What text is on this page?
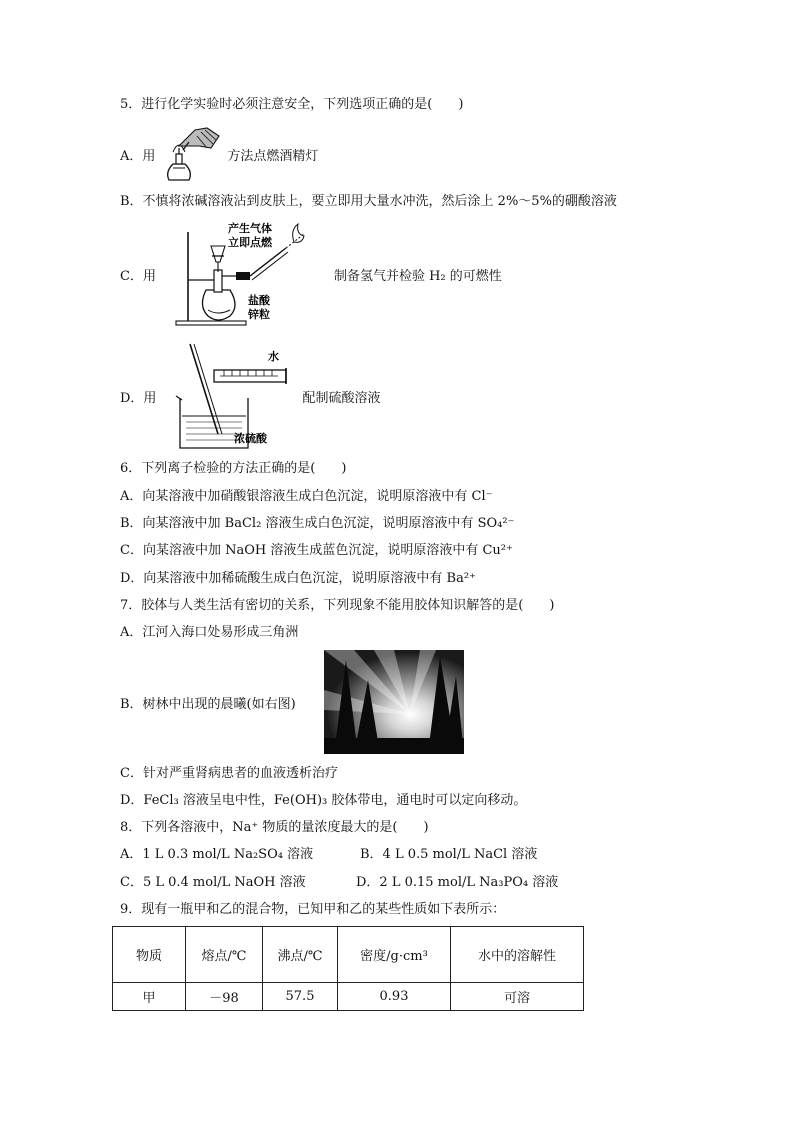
5．进行化学实验时必须注意安全，下列选项正确的是(　　)
A．用	方法点燃酒精灯
B．不慎将浓碱溶液沾到皮肤上，要立即用大量水冲洗，然后涂上 2%～5%的硼酸溶液
C．用
产生气体
立即点燃
盐酸
锌粒
制备氢气并检验 H₂ 的可燃性
D．用
水
浓硫酸
配制硫酸溶液
6．下列离子检验的方法正确的是(　　)
A．向某溶液中加硝酸银溶液生成白色沉淀，说明原溶液中有 Cl⁻
B．向某溶液中加 BaCl₂ 溶液生成白色沉淀，说明原溶液中有 SO₄²⁻
C．向某溶液中加 NaOH 溶液生成蓝色沉淀，说明原溶液中有 Cu²⁺
D．向某溶液中加稀硫酸生成白色沉淀，说明原溶液中有 Ba²⁺
7．胶体与人类生活有密切的关系，下列现象不能用胶体知识解答的是(　　)
A．江河入海口处易形成三角洲
B．树林中出现的晨曦(如右图)
C．针对严重肾病患者的血液透析治疗
D．FeCl₃ 溶液呈电中性，Fe(OH)₃ 胶体带电，通电时可以定向移动。
8．下列各溶液中，Na⁺ 物质的量浓度最大的是(　　)
A．1 L 0.3 mol/L Na₂SO₄ 溶液	B．4 L 0.5 mol/L NaCl 溶液
C．5 L 0.4 mol/L NaOH 溶液	D．2 L 0.15 mol/L Na₃PO₄ 溶液
9．现有一瓶甲和乙的混合物，已知甲和乙的某些性质如下表所示：
物质	熔点/℃	沸点/℃	密度/g·cm³	水中的溶解性
甲	－98	57.5	0.93	可溶
